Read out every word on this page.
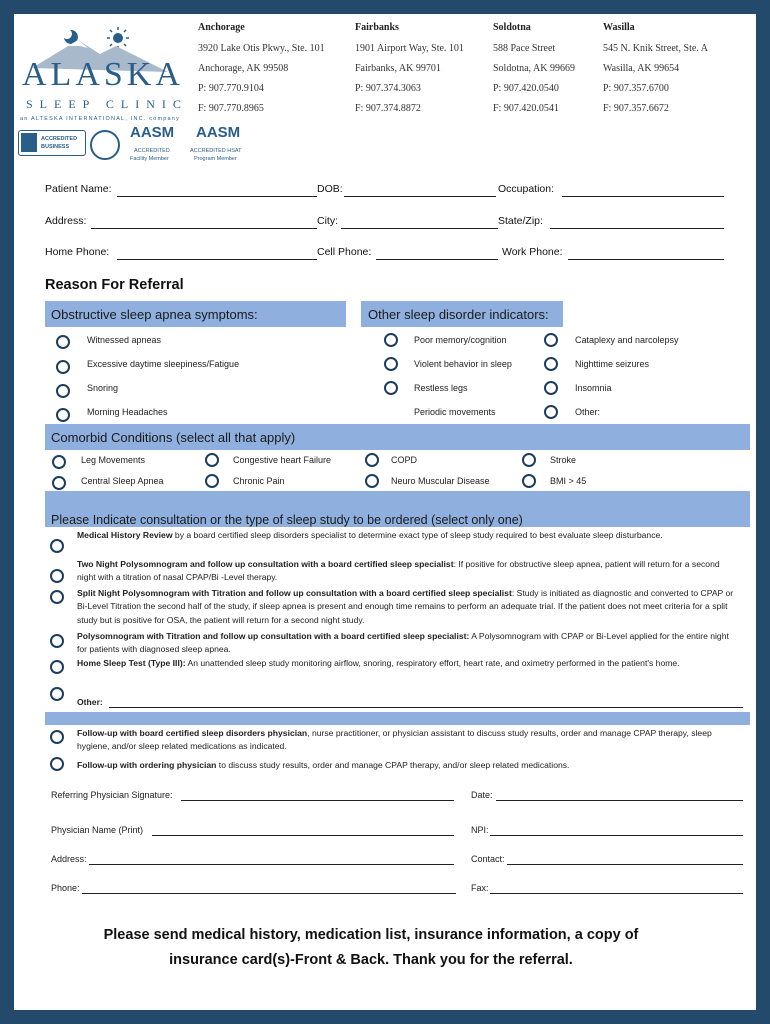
ALASKA
SLEEP CLINIC
an ALTESKA INTERNATIONAL, INC. company
ACCREDITED
BUSINESS
AASM
ACCREDITED
Facility Member
AASM
ACCREDITED HSAT
Program Member
Anchorage
3920 Lake Otis Pkwy., Ste. 101
Anchorage, AK 99508
P: 907.770.9104
F: 907.770.8965
Fairbanks
1901 Airport Way, Ste. 101
Fairbanks, AK 99701
P: 907.374.3063
F: 907.374.8872
Soldotna
588 Pace Street
Soldotna, AK 99669
P: 907.420.0540
F: 907.420.0541
Wasilla
545 N. Knik Street, Ste. A
Wasilla, AK 99654
P: 907.357.6700
F: 907.357.6672
Patient Name:	DOB:	Occupation:
Address:	City:	State/Zip:
Home Phone:	Cell Phone:	Work Phone:
Reason For Referral
Obstructive sleep apnea symptoms:	Other sleep disorder indicators:
Witnessed apneas
Excessive daytime sleepiness/Fatigue
Snoring
Morning Headaches
Poor memory/cognition
Violent behavior in sleep
Restless legs
Periodic movements
Cataplexy and narcolepsy
Nighttime seizures
Insomnia
Other:
Comorbid Conditions (select all that apply)
Leg Movements	Congestive heart Failure	COPD	Stroke
Central Sleep Apnea	Chronic Pain	Neuro Muscular Disease	BMI > 45
Please Indicate consultation or the type of sleep study to be ordered (select only one)
Medical History Review by a board certified sleep disorders specialist to determine exact type of sleep study required to best evaluate sleep disturbance.
Two Night Polysomnogram and follow up consultation with a board certified sleep specialist: If positive for obstructive sleep apnea, patient will return for a second night with a titration of nasal CPAP/Bi -Level therapy.
Split Night Polysomnogram with Titration and follow up consultation with a board certified sleep specialist: Study is initiated as diagnostic and converted to CPAP or Bi-Level Titration the second half of the study, if sleep apnea is present and enough time remains to perform an adequate trial. If the patient does not meet criteria for a split study but is positive for OSA, the patient will return for a second night study.
Polysomnogram with Titration and follow up consultation with a board certified sleep specialist: A Polysomnogram with CPAP or Bi-Level applied for the entire night for patients with diagnosed sleep apnea.
Home Sleep Test (Type III): An unattended sleep study monitoring airflow, snoring, respiratory effort, heart rate, and oximetry performed in the patient's home.
Other:
Follow-up with board certified sleep disorders physician, nurse practitioner, or physician assistant to discuss study results, order and manage CPAP therapy, sleep hygiene, and/or sleep related medications as indicated.
Follow-up with ordering physician to discuss study results, order and manage CPAP therapy, and/or sleep related medications.
Referring Physician Signature:	Date:
Physician Name (Print)	NPI:
Address:	Contact:
Phone:	Fax:
Please send medical history, medication list, insurance information, a copy of
insurance card(s)-Front & Back. Thank you for the referral.
